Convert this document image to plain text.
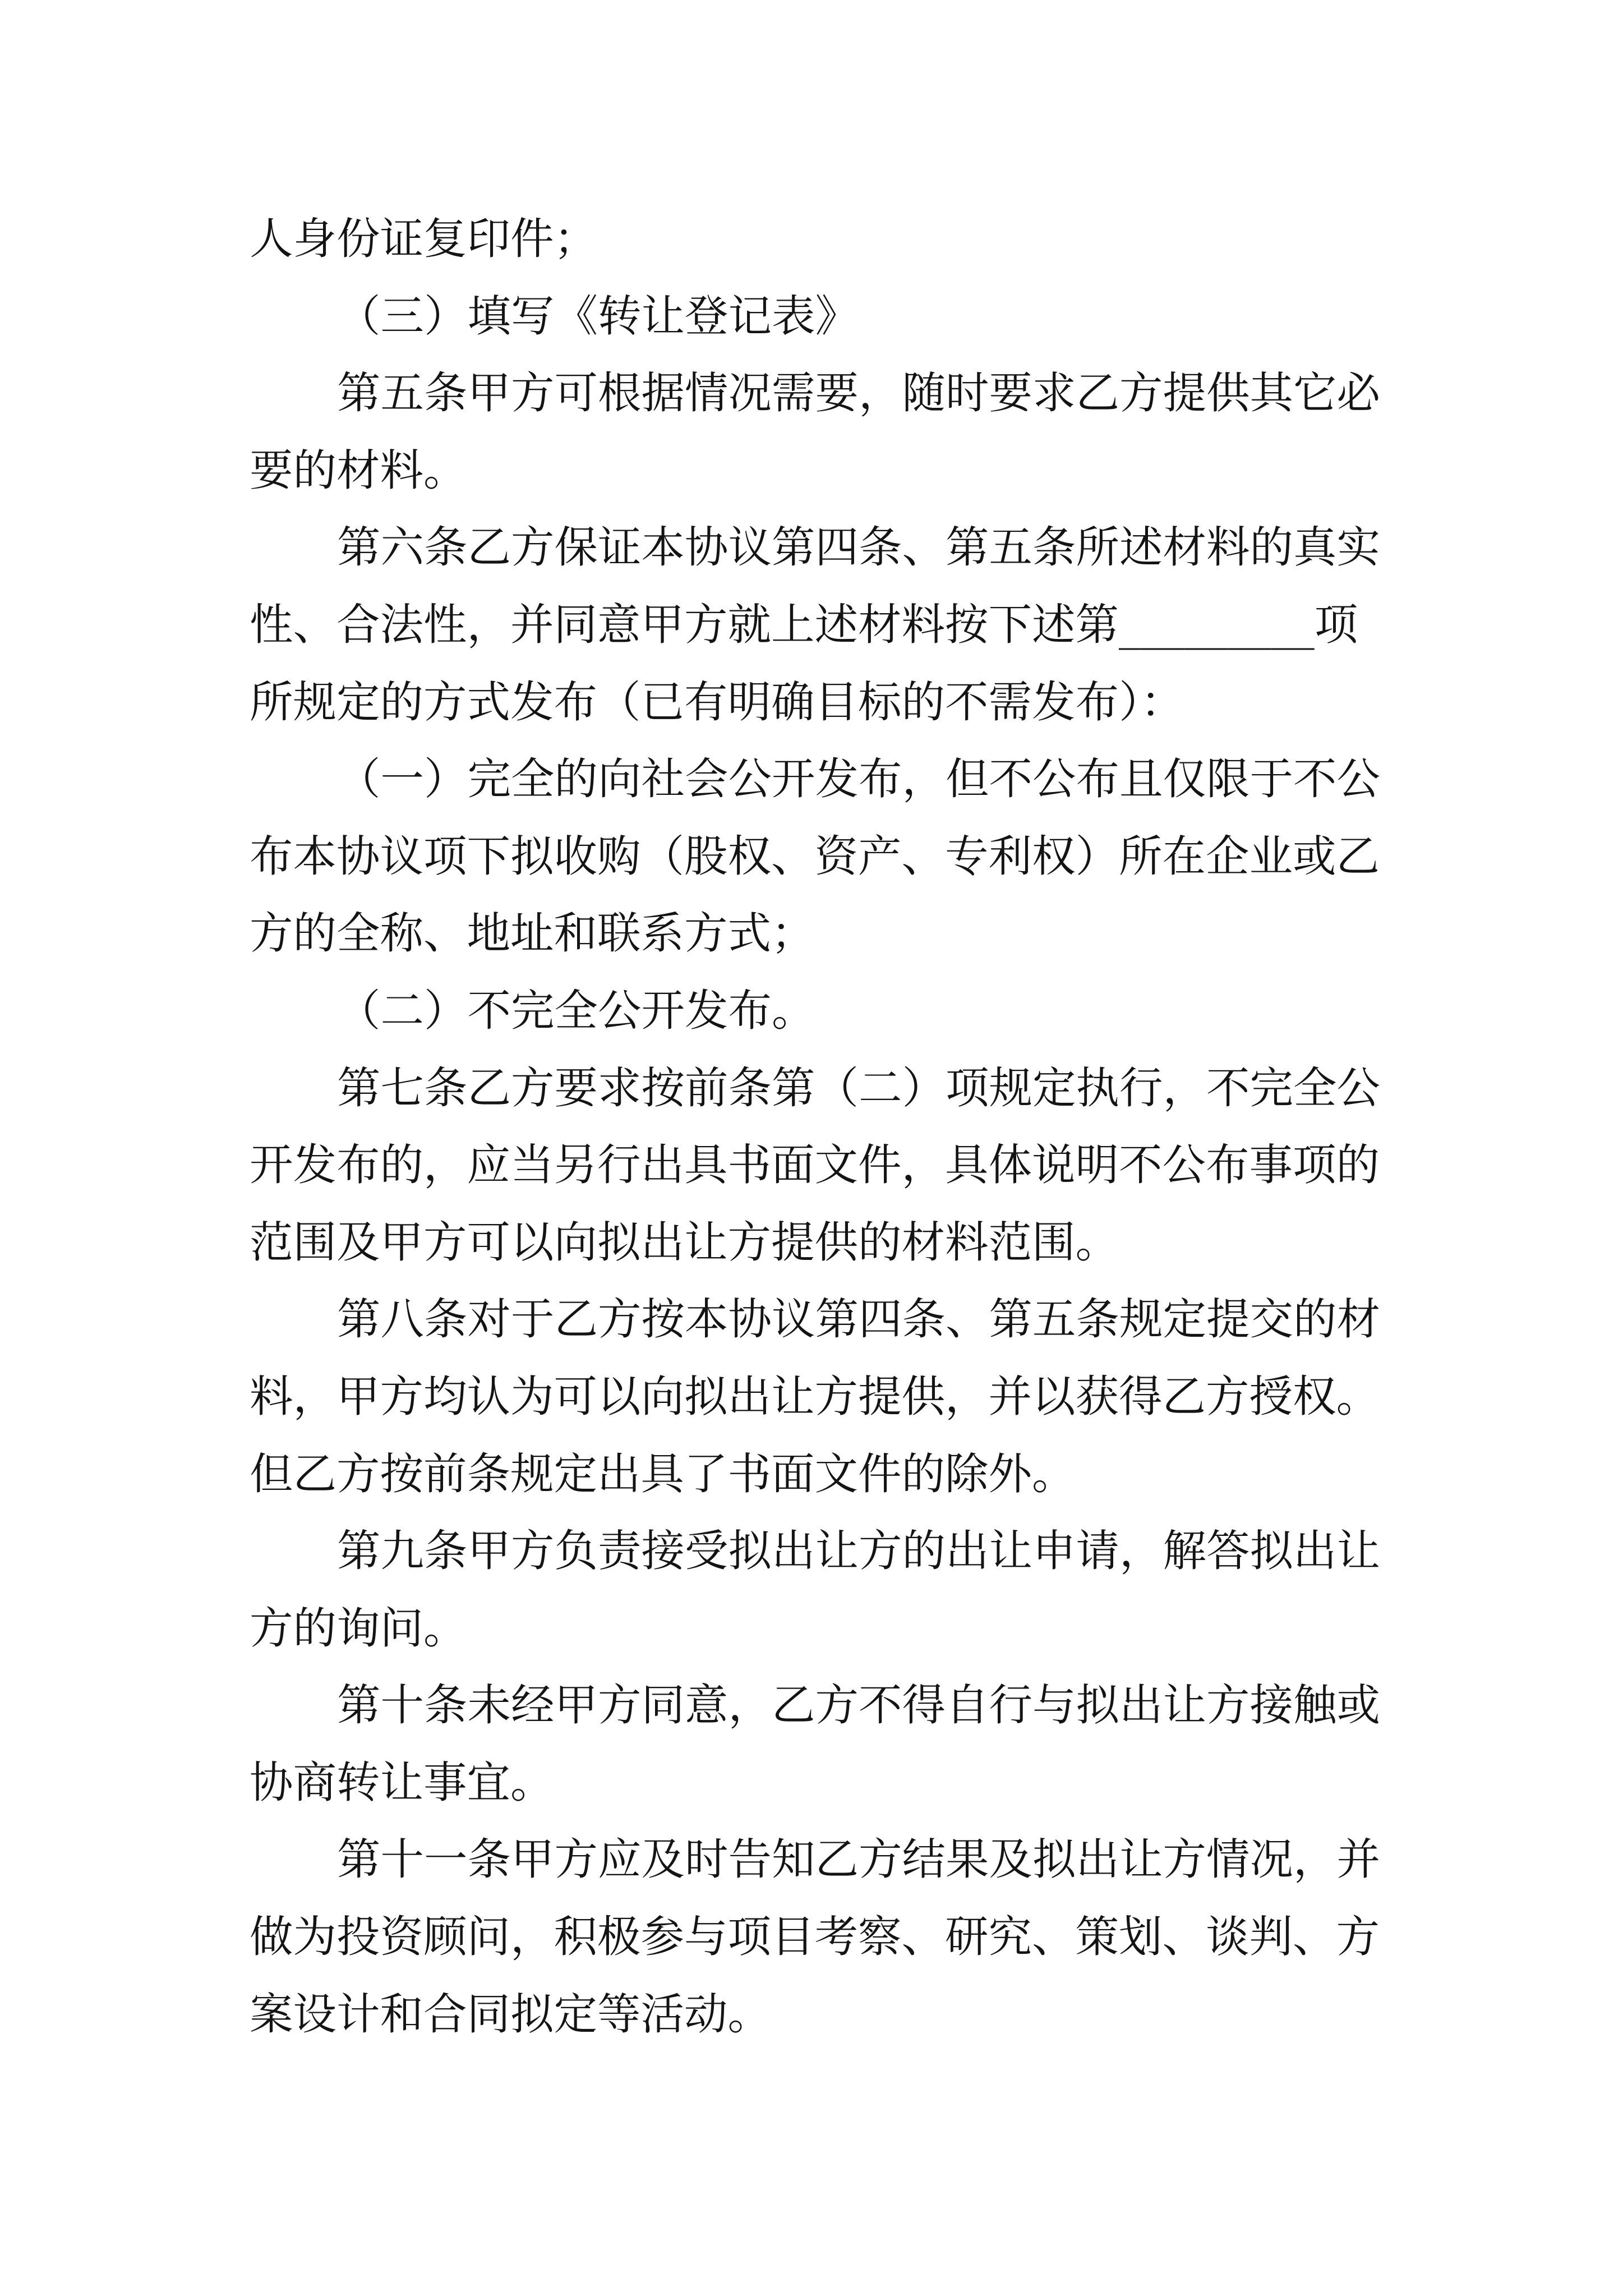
人身份证复印件；
（三）填写《转让登记表》
第五条甲方可根据情况需要，随时要求乙方提供其它必
要的材料。
第六条乙方保证本协议第四条、第五条所述材料的真实
性、合法性，并同意甲方就上述材料按下述第_________项
所规定的方式发布（已有明确目标的不需发布）：
（一）完全的向社会公开发布，但不公布且仅限于不公
布本协议项下拟收购（股权、资产、专利权）所在企业或乙
方的全称、地址和联系方式；
（二）不完全公开发布。
第七条乙方要求按前条第（二）项规定执行，不完全公
开发布的，应当另行出具书面文件，具体说明不公布事项的
范围及甲方可以向拟出让方提供的材料范围。
第八条对于乙方按本协议第四条、第五条规定提交的材
料，甲方均认为可以向拟出让方提供，并以获得乙方授权。
但乙方按前条规定出具了书面文件的除外。
第九条甲方负责接受拟出让方的出让申请，解答拟出让
方的询问。
第十条未经甲方同意，乙方不得自行与拟出让方接触或
协商转让事宜。
第十一条甲方应及时告知乙方结果及拟出让方情况，并
做为投资顾问，积极参与项目考察、研究、策划、谈判、方
案设计和合同拟定等活动。
